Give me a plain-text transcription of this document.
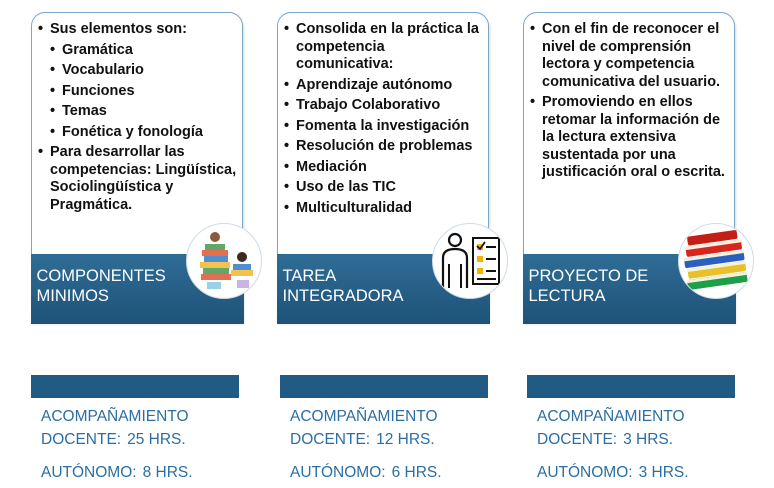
• Sus elementos son:
• Gramática
• Vocabulario
• Funciones
• Temas
• Fonética y fonología
• Para desarrollar las competencias: Lingüística, Sociolingüística y Pragmática.
COMPONENTES
MINIMOS
• Consolida en la práctica la competencia comunicativa:
• Aprendizaje autónomo
• Trabajo Colaborativo
• Fomenta la investigación
• Resolución de problemas
• Mediación
• Uso de las TIC
• Multiculturalidad
TAREA
INTEGRADORA
• Con el fin de reconocer el nivel de comprensión lectora y competencia comunicativa del usuario.
• Promoviendo en ellos retomar la información de la lectura extensiva sustentada por una justificación oral o escrita.
PROYECTO DE
LECTURA
ACOMPAÑAMIENTO
DOCENTE: 25 HRS.
AUTÓNOMO: 8 HRS.
ACOMPAÑAMIENTO
DOCENTE: 12 HRS.
AUTÓNOMO: 6 HRS.
ACOMPAÑAMIENTO
DOCENTE: 3 HRS.
AUTÓNOMO: 3 HRS.
